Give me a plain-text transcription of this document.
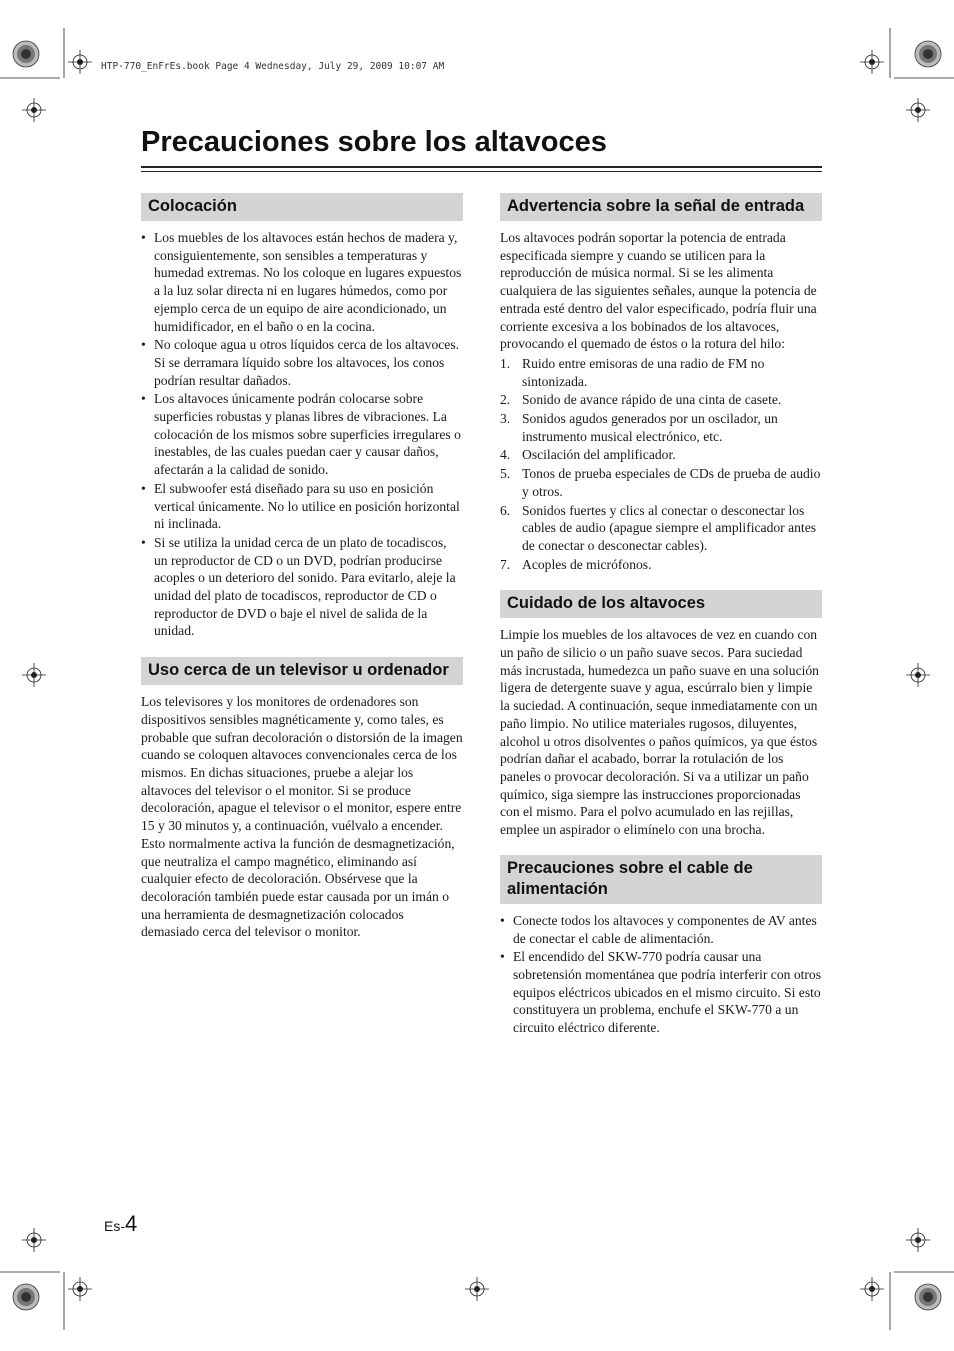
HTP-770_EnFrEs.book Page 4 Wednesday, July 29, 2009 10:07 AM
Precauciones sobre los altavoces
Colocación
• Los muebles de los altavoces están hechos de madera y, consiguientemente, son sensibles a temperaturas y humedad extremas. No los coloque en lugares expuestos a la luz solar directa ni en lugares húmedos, como por ejemplo cerca de un equipo de aire acondicionado, un humidificador, en el baño o en la cocina.
• No coloque agua u otros líquidos cerca de los altavoces. Si se derramara líquido sobre los altavoces, los conos podrían resultar dañados.
• Los altavoces únicamente podrán colocarse sobre superficies robustas y planas libres de vibraciones. La colocación de los mismos sobre superficies irregulares o inestables, de las cuales puedan caer y causar daños, afectarán a la calidad de sonido.
• El subwoofer está diseñado para su uso en posición vertical únicamente. No lo utilice en posición horizontal ni inclinada.
• Si se utiliza la unidad cerca de un plato de tocadiscos, un reproductor de CD o un DVD, podrían producirse acoples o un deterioro del sonido. Para evitarlo, aleje la unidad del plato de tocadiscos, reproductor de CD o reproductor de DVD o baje el nivel de salida de la unidad.
Uso cerca de un televisor u ordenador

Los televisores y los monitores de ordenadores son dispositivos sensibles magnéticamente y, como tales, es probable que sufran decoloración o distorsión de la imagen cuando se coloquen altavoces convencionales cerca de los mismos. En dichas situaciones, pruebe a alejar los altavoces del televisor o el monitor. Si se produce decoloración, apague el televisor o el monitor, espere entre 15 y 30 minutos y, a continuación, vuélvalo a encender. Esto normalmente activa la función de desmagnetización, que neutraliza el campo magnético, eliminando así cualquier efecto de decoloración. Obsérvese que la decoloración también puede estar causada por un imán o una herramienta de desmagnetización colocados demasiado cerca del televisor o monitor.

Advertencia sobre la señal de entrada

Los altavoces podrán soportar la potencia de entrada especificada siempre y cuando se utilicen para la reproducción de música normal. Si se les alimenta cualquiera de las siguientes señales, aunque la potencia de entrada esté dentro del valor especificado, podría fluir una corriente excesiva a los bobinados de los altavoces, provocando el quemado de éstos o la rotura del hilo:

1. Ruido entre emisoras de una radio de FM no sintonizada.
2. Sonido de avance rápido de una cinta de casete.
3. Sonidos agudos generados por un oscilador, un instrumento musical electrónico, etc.
4. Oscilación del amplificador.
5. Tonos de prueba especiales de CDs de prueba de audio y otros.
6. Sonidos fuertes y clics al conectar o desconectar los cables de audio (apague siempre el amplificador antes de conectar o desconectar cables).
7. Acoples de micrófonos.
Cuidado de los altavoces

Limpie los muebles de los altavoces de vez en cuando con un paño de silicio o un paño suave secos. Para suciedad más incrustada, humedezca un paño suave en una solución ligera de detergente suave y agua, escúrralo bien y limpie la suciedad. A continuación, seque inmediatamente con un paño limpio. No utilice materiales rugosos, diluyentes, alcohol u otros disolventes o paños químicos, ya que éstos podrían dañar el acabado, borrar la rotulación de los paneles o provocar decoloración. Si va a utilizar un paño químico, siga siempre las instrucciones proporcionadas con el mismo. Para el polvo acumulado en las rejillas, emplee un aspirador o elimínelo con una brocha.

Precauciones sobre el cable de alimentación
• Conecte todos los altavoces y componentes de AV antes de conectar el cable de alimentación.
• El encendido del SKW-770 podría causar una sobretensión momentánea que podría interferir con otros equipos eléctricos ubicados en el mismo circuito. Si esto constituyera un problema, enchufe el SKW-770 a un circuito eléctrico diferente.
Es-4
